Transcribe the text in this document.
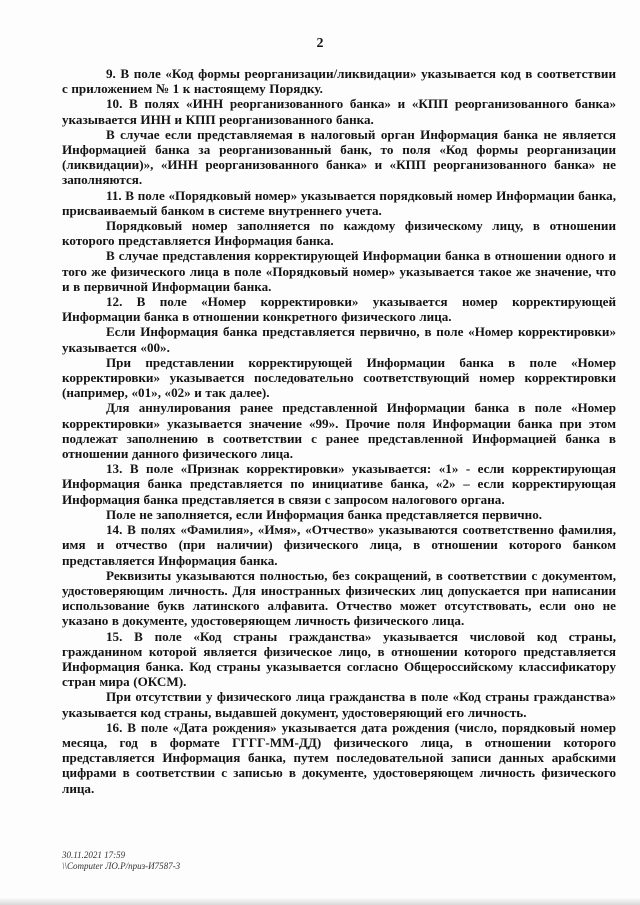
2

9. В поле «Код формы реорганизации/ликвидации» указывается код в соответствии с приложением № 1 к настоящему Порядку.

10. В полях «ИНН реорганизованного банка» и «КПП реорганизованного банка» указывается ИНН и КПП реорганизованного банка.

В случае если представляемая в налоговый орган Информация банка не является Информацией банка за реорганизованный банк, то поля «Код формы реорганизации (ликвидации)», «ИНН реорганизованного банка» и «КПП реорганизованного банка» не заполняются.

11. В поле «Порядковый номер» указывается порядковый номер Информации банка, присваиваемый банком в системе внутреннего учета.

Порядковый номер заполняется по каждому физическому лицу, в отношении которого представляется Информация банка.

В случае представления корректирующей Информации банка в отношении одного и того же физического лица в поле «Порядковый номер» указывается такое же значение, что и в первичной Информации банка.

12. В поле «Номер корректировки» указывается номер корректирующей Информации банка в отношении конкретного физического лица.

Если Информация банка представляется первично, в поле «Номер корректировки» указывается «00».

При представлении корректирующей Информации банка в поле «Номер корректировки» указывается последовательно соответствующий номер корректировки (например, «01», «02» и так далее).

Для аннулирования ранее представленной Информации банка в поле «Номер корректировки» указывается значение «99». Прочие поля Информации банка при этом подлежат заполнению в соответствии с ранее представленной Информацией банка в отношении данного физического лица.

13. В поле «Признак корректировки» указывается: «1» - если корректирующая Информация банка представляется по инициативе банка, «2» – если корректирующая Информация банка представляется в связи с запросом налогового органа.

Поле не заполняется, если Информация банка представляется первично.

14. В полях «Фамилия», «Имя», «Отчество» указываются соответственно фамилия, имя и отчество (при наличии) физического лица, в отношении которого банком представляется Информация банка.

Реквизиты указываются полностью, без сокращений, в соответствии с документом, удостоверяющим личность. Для иностранных физических лиц допускается при написании использование букв латинского алфавита. Отчество может отсутствовать, если оно не указано в документе, удостоверяющем личность физического лица.

15. В поле «Код страны гражданства» указывается числовой код страны, гражданином которой является физическое лицо, в отношении которого представляется Информация банка. Код страны указывается согласно Общероссийскому классификатору стран мира (ОКСМ).

При отсутствии у физического лица гражданства в поле «Код страны гражданства» указывается код страны, выдавшей документ, удостоверяющий его личность.

16. В поле «Дата рождения» указывается дата рождения (число, порядковый номер месяца, год в формате ГГГГ-ММ-ДД) физического лица, в отношении которого представляется Информация банка, путем последовательной записи данных арабскими цифрами в соответствии с записью в документе, удостоверяющем личность физического лица.

30.11.2021 17:59
\\Computer ЛО.Р/приз-И7587-3
